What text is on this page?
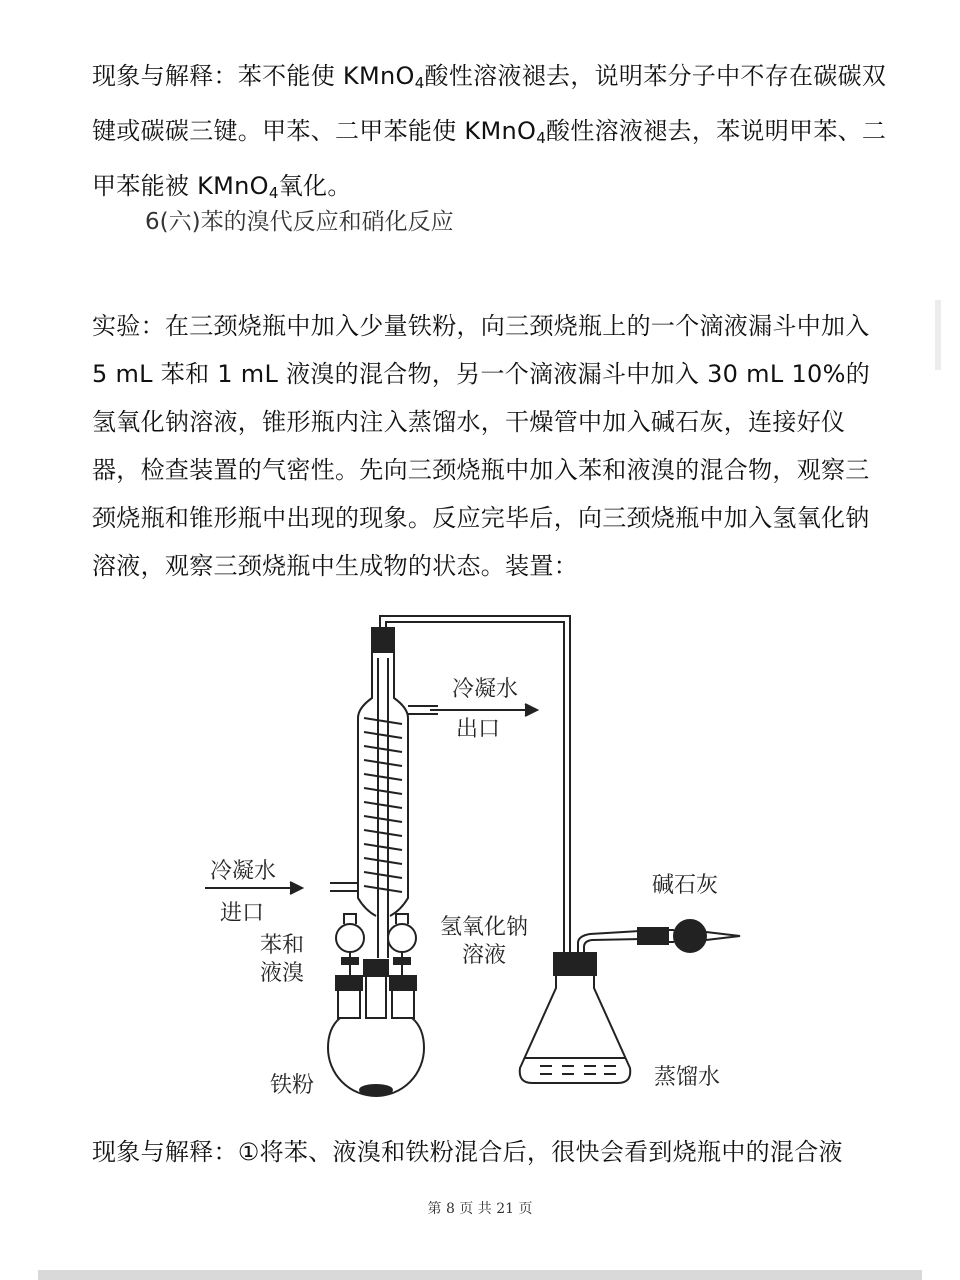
现象与解释：苯不能使 KMnO$_4$酸性溶液褪去，说明苯分子中不存在碳碳双键或碳碳三键。甲苯、二甲苯能使 KMnO$_4$酸性溶液褪去，苯说明甲苯、二甲苯能被 KMnO$_4$氧化。

6(六)苯的溴代反应和硝化反应

实验：在三颈烧瓶中加入少量铁粉，向三颈烧瓶上的一个滴液漏斗中加入 5 mL 苯和 1 mL 液溴的混合物，另一个滴液漏斗中加入 30 mL 10%的氢氧化钠溶液，锥形瓶内注入蒸馏水，干燥管中加入碱石灰，连接好仪器，检查装置的气密性。先向三颈烧瓶中加入苯和液溴的混合物，观察三颈烧瓶和锥形瓶中出现的现象。反应完毕后，向三颈烧瓶中加入氢氧化钠溶液，观察三颈烧瓶中生成物的状态。装置：

冷凝水
出口
冷凝水
进口
苯和
液溴
氢氧化钠
溶液
碱石灰
铁粉	蒸馏水

现象与解释：①将苯、液溴和铁粉混合后，很快会看到烧瓶中的混合液

第 8 页 共 21 页
